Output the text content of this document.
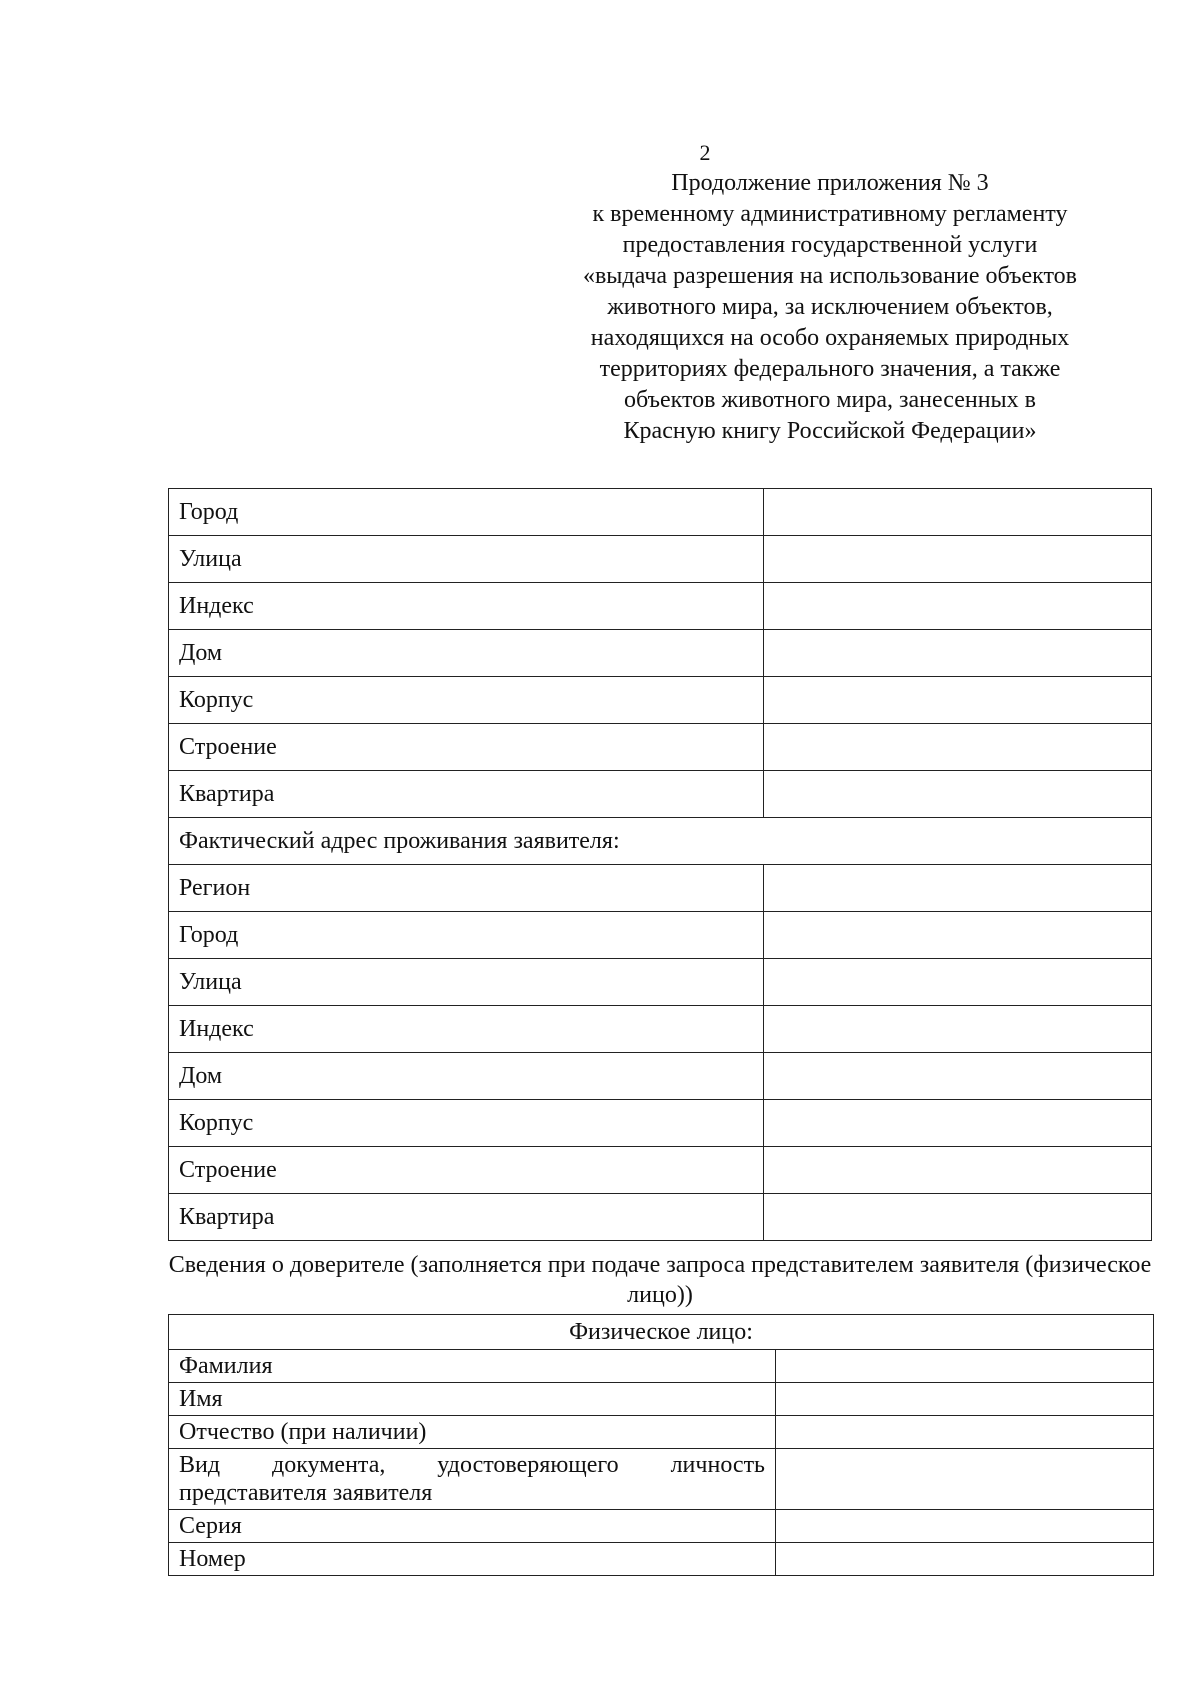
2
Продолжение приложения № 3
к временному административному регламенту
предоставления государственной услуги
«выдача разрешения на использование объектов
животного мира, за исключением объектов,
находящихся на особо охраняемых природных
территориях федерального значения, а также
объектов животного мира, занесенных в
Красную книгу Российской Федерации»
Город	
Улица	
Индекс	
Дом	
Корпус	
Строение	
Квартира	
Фактический адрес проживания заявителя:	
Регион	
Город	
Улица	
Индекс	
Дом	
Корпус	
Строение	
Квартира	
Сведения о доверителе (заполняется при подаче запроса представителем заявителя (физическое лицо))
Физическое лицо:	
Фамилия	
Имя	
Отчество (при наличии)	
Вид документа, удостоверяющего личность представителя заявителя	
Серия	
Номер	
